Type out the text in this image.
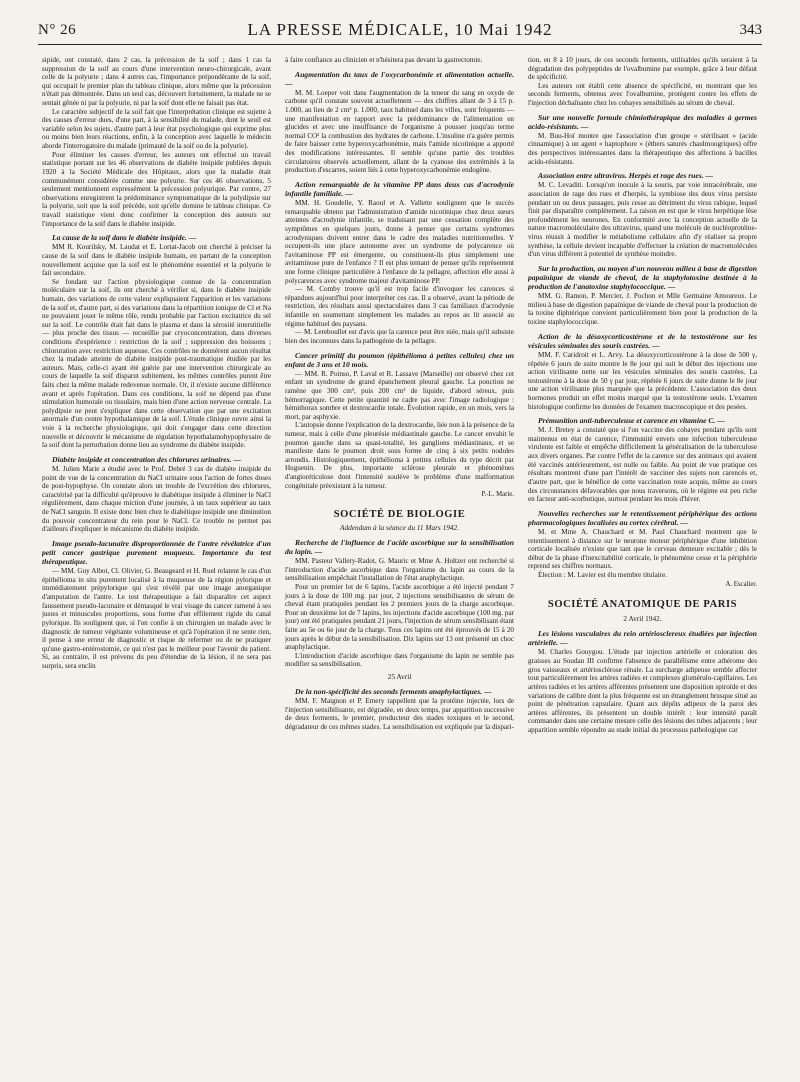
N° 26	LA PRESSE MÉDICALE, 10 Mai 1942	343

sipide, ont constaté, dans 2 cas, la précession de la soif ; dans 1 cas la suppression de la soif au cours d'une intervention neuro-chirurgicale, avant celle de la polyurie ; dans 4 autres cas, l'importance prépondérante de la soif, qui occupait le premier plan du tableau clinique, alors même que la précession n'était pas démontrée. Dans un seul cas, découvert fortuitement, la malade ne se sentait gênée ni par la polyurie, ni par la soif dont elle ne faisait pas état.

Le caractère subjectif de la soif fait que l'interprétation clinique est sujette à des causes d'erreur dues, d'une part, à la sensibilité du malade, dont le seuil est variable selon les sujets, d'autre part à leur état psychologique qui exprime plus ou moins bien leurs réactions, enfin, à la conception avec laquelle le médecin aborde l'interrogatoire du malade (primauté de la soif ou de la polyurie).

Pour éliminer les causes d'erreur, les auteurs ont effectué un travail statistique portant sur les 46 observations de diabète insipide publiées depuis 1920 à la Société Médicale des Hôpitaux, alors que la maladie était communément considérée comme une polyurie. Sur ces 46 observations, 5 seulement mentionnent expressément la précession polyurique. Par contre, 27 observations enregistrent la prédominance symptomatique de la polydipsie sur la polyurie, soit que la soif précède, soit qu'elle domine le tableau clinique. Ce travail statistique vient donc confirmer la conception des auteurs sur l'importance de la soif dans le diabète insipide.

La cause de la soif dans le diabète insipide. —

MM R. Kourilsky, M. Laudat et E. Lortat-Jacob ont cherché à préciser la cause de la soif dans le diabète insipide humain, en partant de la conception nouvellement acquise que la soif est le phénomène essentiel et la polyurie le fait secondaire.

Se fondant sur l'action physiologique connue de la concentration moléculaire sur la soif, ils ont cherché à vérifier si, dans le diabète insipide humain, des variations de cette valeur expliquaient l'apparition et les variations de la soif et, d'autre part, si des variations dans la répartition ionique de Cl et Na ne pouvaient jouer le même rôle, rendu probable par l'action excitatrice du sel sur la soif. Le contrôle était fait dans le plasma et dans la sérosité interstitielle — plus proche des tissus — recueillie par cryoconcentration, dans diverses conditions d'expérience : restriction de la soif ; suppression des boissons ; chloruration avec restriction aqueuse. Ces contrôles ne donnèrent aucun résultat chez la malade atteinte de diabète insipide post-traumatique étudiée par les auteurs. Mais, celle-ci ayant été guérie par une intervention chirurgicale au cours de laquelle la soif disparut subitement, les mêmes contrôles purent être faits chez la même malade redevenue normale. Or, il n'existe aucune différence avant et après l'opération. Dans ces conditions, la soif ne dépend pas d'une stimulation humorale ou tissulaire, mais bien d'une action nerveuse centrale. La polydipsie ne peut s'expliquer dans cette observation que par une excitation anormale d'un centre hypothalamique de la soif. L'étude clinique ouvre ainsi la voie à la recherche physiologique, qui doit s'engager dans cette direction nouvelle et découvrir le mécanisme de régulation hypothalamohypophysaire de la soif dont la perturbation donne lieu au syndrome du diabète insipide.

Diabète insipide et concentration des chlorures urinaires. —

M. Julien Marie a étudié avec le Prof. Debré 3 cas de diabète insipide du point de vue de la concentration du NaCl urinaire sous l'action de fortes doses de post-hypophyse. On constate alors un trouble de l'excrétion des chlorures, caractérisé par la difficulté qu'éprouve le diabétique insipide à éliminer le NaCl régulièrement, dans chaque miction d'une journée, à un taux supérieur au taux de NaCl sanguin. Il existe donc bien chez le diabétique insipide une diminution du pouvoir concentrateur du rein pour le NaCl. Ce trouble ne permet pas d'ailleurs d'expliquer le mécanisme du diabète insipide.

Image pseudo-lacunaire disproportionnée de l'antre révélatrice d'un petit cancer gastrique purement muqueux. Importance du test thérapeutique.

— MM. Guy Albot, Cl. Olivier, G. Beaugeard et H. Ruel relatent le cas d'un épithélioma in situ purement localisé à la muqueuse de la région pylorique et immédiatement prépylorique qui s'est révélé par une image anorganique d'amputation de l'antre. Le test thérapeutique a fait disparaître cet aspect faussement pseudo-lacunaire et démasqué le vrai visage du cancer ramené à ses justes et minuscules proportions, sous forme d'un effilement rigide du canal pylorique. Ils soulignent que, si l'on confie à un chirurgien un malade avec le diagnostic de tumeur végétante volumineuse et qu'à l'opération il ne sente rien, il pense à une erreur de diagnostic et risque de refermer ou de ne pratiquer qu'une gastro-entérostomie, ce qui n'est pas le meilleur pour l'avenir du patient. Si, au contraire, il est prévenu du peu d'étendue de la lésion, il ne sera pas surpris, sera enclin

à faire confiance au clinicien et n'hésitera pas devant la gastrectomie.

Augmentation du taux de l'oxycarbonémie et alimentation actuelle. —

M. M. Loeper voit dans l'augmentation de la teneur du sang en oxyde de carbone qu'il constate souvent actuellement — des chiffres allant de 3 à 15 p. 1.000, au lieu de 2 cm³ p. 1.000, taux habituel dans les villes, sont fréquents — une manifestation en rapport avec la prédominance de l'alimentation en glucides et avec une insuffisance de l'organisme à pousser jusqu'au terme normal CO² la combustion des hydrates de carbone. L'insuline n'a guère permis de faire baisser cette hyperoxycarbonémie, mais l'amide nicotinique a apporté des modifications intéressantes. Il semble qu'une partie des troubles circulatoires observés actuellement, allant de la cyanose des extrémités à la production d'escarres, soient liés à cette hyperoxycarbonémie endogène.

Action remarquable de la vitamine PP dans deux cas d'acrodynie infantile familiale. —

MM. H. Goudelle, Y. Raoul et A. Vallette soulignent que le succès remarquable obtenu par l'administration d'amide nicotinique chez deux sœurs atteintes d'acrodynie infantile, se traduisant par une cessation complète des symptômes en quelques jours, donne à penser que certains syndromes acrodyniques doivent entrer dans le cadre des maladies nutritionnelles. Y occupent-ils une place autonome avec un syndrome de polycarence où l'avitaminose PP est émergente, ou constituent-ils plus simplement une avitaminose pure de l'enfance ? Il est plus tentant de penser qu'ils représentent une forme clinique particulière à l'enfance de la pellagre, affection elle aussi à polycarences avec syndrome majeur d'avitaminose PP.

— M. Comby trouve qu'il est trop facile d'invoquer les carences si répandues aujourd'hui pour interpréter ces cas. Il a observé, avant la période de restriction, des résultats aussi spectaculaires dans 3 cas familiaux d'acrodynie infantile en soumettant simplement les malades au repos au lit associé au régime habituel des paysans.

— M. Lereboullet est d'avis que la carence peut être niée, mais qu'il subsiste bien des inconnues dans la pathogénie de la pellagre.

Cancer primitif du poumon (épithélioma à petites cellules) chez un enfant de 3 ans et 10 mois.

— MM. R. Poinso, P. Laval et R. Lassave (Marseille) ont observé chez cet enfant un syndrome de grand épanchement pleural gauche. La ponction ne ramène que 300 cm³, puis 200 cm³ de liquide, d'abord séreux, puis hémorragique. Cette petite quantité ne cadre pas avec l'image radiologique : hémithorax sombre et dextrocardie totale. Évolution rapide, en un mois, vers la mort, par asphyxie.

L'autopsie donne l'explication de la dextrocardie, liée non à la présence de la tumeur, mais à celle d'une pleurésie médiastinale gauche. Le cancer envahit le poumon gauche dans sa quasi-totalité, les ganglions médiastinaux, et se manifeste dans le poumon droit sous forme de cinq à six petits nodules arrondis. Histologiquement, épithélioma à petites cellules du type décrit par Huguenin. De plus, importante sclérose pleurale et phénomènes d'angioréticulose dont l'intensité soulève le problème d'une malformation congénitale préexistant à la tumeur.

P.-L. Marie.
SOCIÉTÉ DE BIOLOGIE
Addendum à la séance du 11 Mars 1942.
Recherche de l'influence de l'acide ascorbique sur la sensibilisation du lapin. —

MM. Pasteur Vallery-Radot, G. Mauric et Mme A. Holtzer ont recherché si l'introduction d'acide ascorbique dans l'organisme du lapin au cours de la sensibilisation empêchait l'installation de l'état anaphylactique.

Pour un premier lot de 6 lapins, l'acide ascorbique a été injecté pendant 7 jours à la dose de 100 mg. par jour, 2 injections sensibilisantes de sérum de cheval étant pratiquées pendant les 2 premiers jours de la charge ascorbique. Pour un deuxième lot de 7 lapins, les injections d'acide ascorbique (100 mg. par jour) ont été pratiquées pendant 21 jours, l'injection de sérum sensibilisant étant faite au 5e ou 6e jour de la charge. Tous ces lapins ont été éprouvés de 15 à 20 jours après le début de la sensibilisation. Dix lapins sur 13 ont présenté un choc anaphylactique.

L'introduction d'acide ascorbique dans l'organisme du lapin ne semble pas modifier sa sensibilisation.

25 Avril
De la non-spécificité des seconds ferments anaphylactiques. —

MM. F. Maignon et P. Emery rappellent que la protéine injectée, lors de l'injection sensibilisante, est dégradée, en deux temps, par apparition successive de deux ferments, le premier, producteur des stades toxiques et le second, dégradateur de ces mêmes stades. La sensibilisation est expliquée par la dispari-

tion, en 8 à 10 jours, de ces seconds ferments, utilisables qu'ils seraient à la dégradation des polypeptides de l'ovalbumine par exemple, grâce à leur défaut de spécificité.

Les auteurs ont établi cette absence de spécificité, en montrant que les seconds ferments, obtenus avec l'ovalbumine, protègent contre les effets de l'injection déchaînante chez les cobayes sensibilisés au sérum de cheval.

Sur une nouvelle formule chimiothérapique des maladies à germes acido-résistants. —

M. Buu-Hoï montre que l'association d'un groupe « stérilisant » (acide cinnamique) à un agent « haptophore » (éthers saturés chaulmoogriques) offre des perspectives intéressantes dans la thérapeutique des affections à bacilles acido-résistants.

Association entre ultravirus. Herpès et rage des rues. —

M. C. Levaditi. Lorsqu'on inocule à la souris, par voie intracérébrale, une association de rage des rues et d'herpès, la symbiose des deux virus persiste pendant un ou deux passages, puis cesse au détriment du virus rabique, lequel finit par disparaître complètement. La raison en est que le virus herpétique lèse profondément les neurones. En conformité avec la conception actuelle de la nature macromoléculaire des ultravirus, quand une molécule de nucléoprotéine-virus réussit à modifier le métabolisme cellulaire afin d'y réaliser sa propre synthèse, la cellule devient incapable d'effectuer la création de macromolécules d'un virus différent à potentiel de synthèse moindre.

Sur la production, au moyen d'un nouveau milieu à base de digestion papaïnique de viande de cheval, de la staphylotoxine destinée à la production de l'anatoxine staphylococcique. —

MM. G. Ramon, P. Mercier, J. Pochon et Mlle Germaine Amoureux. Le milieu à base de digestion papaïnique de viande de cheval pour la production de la toxine diphtérique convient particulièrement bien pour la production de la toxine staphylococcique.

Action de la désoxycorticostérone et de la testostérone sur les vésicules séminales des souris castrées. —

MM. F. Caridroit et L. Arvy. La désoxycorticostérone à la dose de 500 γ, répétée 6 jours de suite montre le 8e jour qui suit le début des injections une action virilisante nette sur les vésicules séminales des souris castrées. La testostérone à la dose de 50 γ par jour, répétée 6 jours de suite donne le 8e jour une action virilisante plus marquée que la précédente. L'association des deux hormones produit un effet moins marqué que la testostérone seule. L'examen histologique confirme les données de l'examen macroscopique et des pesées.

Prémunition anti-tuberculeuse et carence en vitamine C. —

M. J. Bretey a constaté que si l'on vaccine des cobayes pendant qu'ils sont maintenus en état de carence, l'immunité envers une infection tuberculeuse virulente est faible et empêche difficilement la généralisation de la tuberculose aux divers organes. Par contre l'effet de la carence sur des animaux qui avaient été vaccinés antérieurement, est nulle ou faible. Au point de vue pratique ces résultats montrent d'une part l'intérêt de vacciner des sujets non carencés et, d'autre part, que le bénéfice de cette vaccination reste acquis, même au cours des circonstances défavorables que nous traversons, où le régime est peu riche en facteur anti-scorbutique, surtout pendant les mois d'hiver.

Nouvelles recherches sur le retentissement périphérique des actions pharmacologiques localisées au cortex cérébral. —

M. et Mme A. Chauchard et M. Paul Chauchard montrent que le retentissement à distance sur le neurone moteur périphérique d'une inhibition corticale localisée n'existe que tant que le cerveau demeure excitable ; dès le début de la phase d'inexcitabilité corticale, le phénomène cesse et la périphérie reprend ses chiffres normaux.

Élection : M. Lavier est élu membre titulaire.

A. Escalier.
SOCIÉTÉ ANATOMIQUE DE PARIS
2 Avril 1942.
Les lésions vasculaires du rein artériosclereux étudiées par injection artérielle. —

M. Charles Gouygou. L'étude par injection artérielle et coloration des graisses au Soudan III confirme l'absence de parallélisme entre athérome des gros vaisseaux et artériosclérose rénale. La surcharge adipeuse semble affecter tout particulièrement les artères radiées et complexes glomérulo-capillaires. Les artères radiées et les artères afférentes présentent une disposition spiroïde et des variations de calibre dont la plus fréquente est un étranglement brusque situé au point de pénétration capsulaire. Quant aux dépôts adipeux de la paroi des artères afférentes, ils présentent un double intérêt : leur intensité paraît commander dans une certaine mesure celle des lésions des tubes adjacents ; leur apparition semble répondre au stade initial du processus pathologique car
